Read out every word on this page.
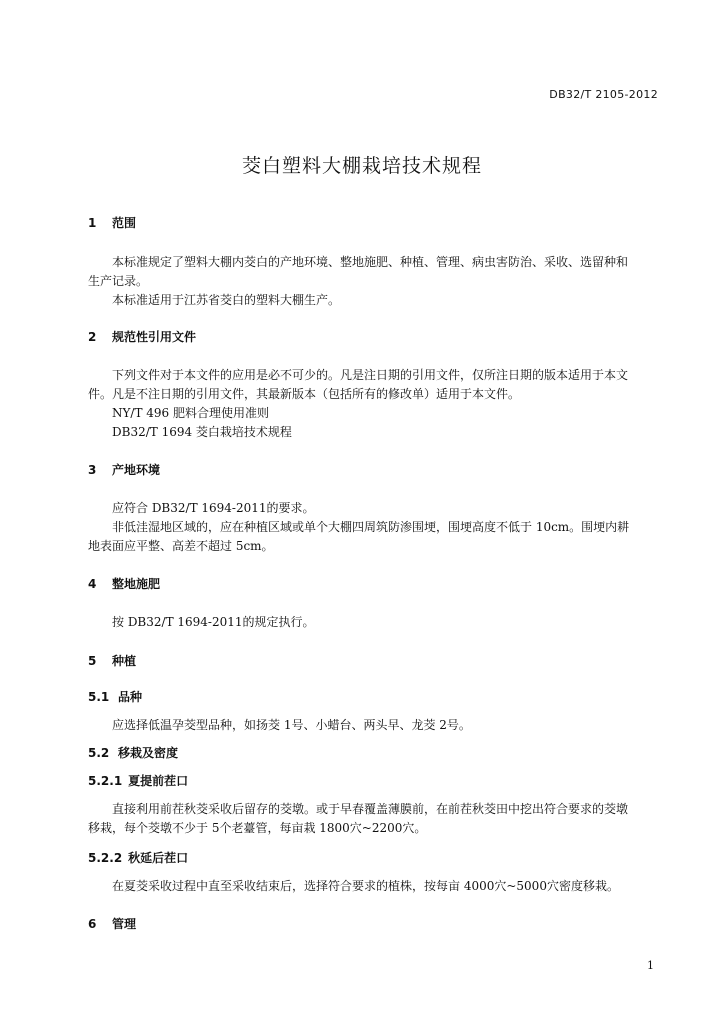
DB32/T 2105-2012
茭白塑料大棚栽培技术规程
1 范围
本标准规定了塑料大棚内茭白的产地环境、整地施肥、种植、管理、病虫害防治、采收、选留种和
生产记录。
本标准适用于江苏省茭白的塑料大棚生产。
2 规范性引用文件
下列文件对于本文件的应用是必不可少的。凡是注日期的引用文件，仅所注日期的版本适用于本文
件。凡是不注日期的引用文件，其最新版本（包括所有的修改单）适用于本文件。
NY/T 496 肥料合理使用准则
DB32/T 1694 茭白栽培技术规程
3 产地环境
应符合 DB32/T 1694-2011的要求。
非低洼湿地区域的，应在种植区域或单个大棚四周筑防渗围埂，围埂高度不低于 10cm。围埂内耕
地表面应平整、高差不超过 5cm。
4 整地施肥
按 DB32/T 1694-2011的规定执行。
5 种植
5.1 品种
应选择低温孕茭型品种，如扬茭 1号、小蜡台、两头早、龙茭 2号。
5.2 移栽及密度
5.2.1 夏提前茬口
直接利用前茬秋茭采收后留存的茭墩。或于早春覆盖薄膜前，在前茬秋茭田中挖出符合要求的茭墩
移栽，每个茭墩不少于 5个老薹管，每亩栽 1800穴~2200穴。
5.2.2 秋延后茬口
在夏茭采收过程中直至采收结束后，选择符合要求的植株，按每亩 4000穴~5000穴密度移栽。
6 管理
1
